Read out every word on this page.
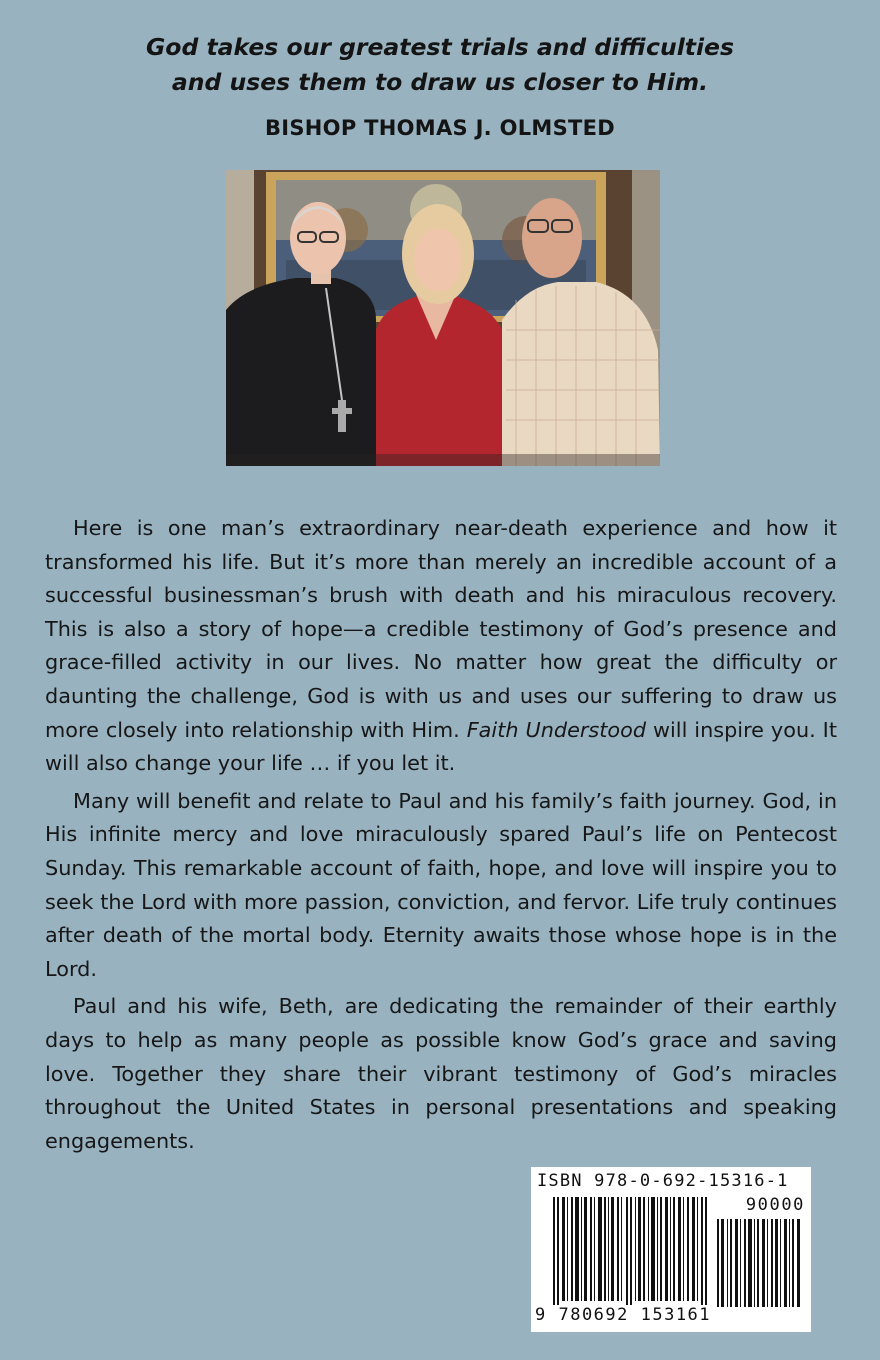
God takes our greatest trials and difficulties
and uses them to draw us closer to Him.
BISHOP THOMAS J. OLMSTED

Here is one man’s extraordinary near-death experience and how it transformed his life. But it’s more than merely an incredible account of a successful businessman’s brush with death and his miraculous recovery. This is also a story of hope—a credible testimony of God’s presence and grace-filled activity in our lives. No matter how great the difficulty or daunting the challenge, God is with us and uses our suffering to draw us more closely into relationship with Him. Faith Understood will inspire you. It will also change your life … if you let it.

Many will benefit and relate to Paul and his family’s faith journey. God, in His infinite mercy and love miraculously spared Paul’s life on Pentecost Sunday. This remarkable account of faith, hope, and love will inspire you to seek the Lord with more passion, conviction, and fervor. Life truly continues after death of the mortal body. Eternity awaits those whose hope is in the Lord.

Paul and his wife, Beth, are dedicating the remainder of their earthly days to help as many people as possible know God’s grace and saving love. Together they share their vibrant testimony of God’s miracles throughout the United States in personal presentations and speaking engagements.

ISBN 978-0-692-15316-1
90000
9 780692 153161
